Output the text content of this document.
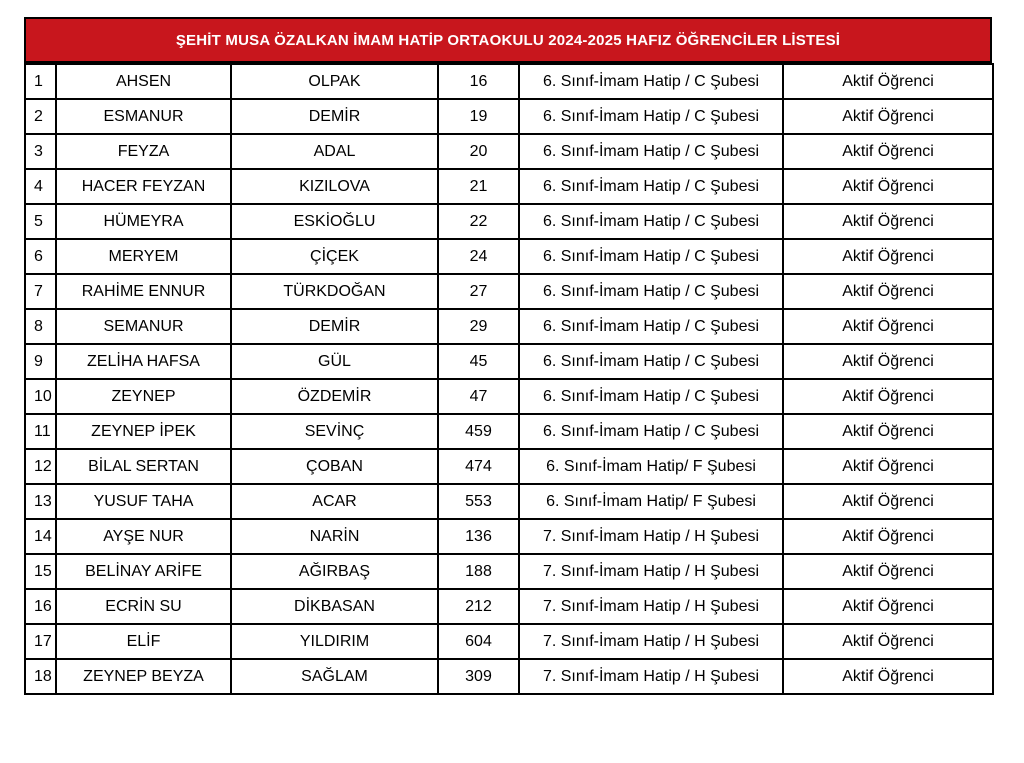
ŞEHİT MUSA ÖZALKAN İMAM HATİP ORTAOKULU 2024-2025 HAFIZ ÖĞRENCİLER LİSTESİ
1	AHSEN	OLPAK	16	6. Sınıf-İmam Hatip / C Şubesi	Aktif Öğrenci
2	ESMANUR	DEMİR	19	6. Sınıf-İmam Hatip / C Şubesi	Aktif Öğrenci
3	FEYZA	ADAL	20	6. Sınıf-İmam Hatip / C Şubesi	Aktif Öğrenci
4	HACER FEYZAN	KIZILOVA	21	6. Sınıf-İmam Hatip / C Şubesi	Aktif Öğrenci
5	HÜMEYRA	ESKİOĞLU	22	6. Sınıf-İmam Hatip / C Şubesi	Aktif Öğrenci
6	MERYEM	ÇİÇEK	24	6. Sınıf-İmam Hatip / C Şubesi	Aktif Öğrenci
7	RAHİME ENNUR	TÜRKDOĞAN	27	6. Sınıf-İmam Hatip / C Şubesi	Aktif Öğrenci
8	SEMANUR	DEMİR	29	6. Sınıf-İmam Hatip / C Şubesi	Aktif Öğrenci
9	ZELİHA HAFSA	GÜL	45	6. Sınıf-İmam Hatip / C Şubesi	Aktif Öğrenci
10	ZEYNEP	ÖZDEMİR	47	6. Sınıf-İmam Hatip / C Şubesi	Aktif Öğrenci
11	ZEYNEP İPEK	SEVİNÇ	459	6. Sınıf-İmam Hatip / C Şubesi	Aktif Öğrenci
12	BİLAL SERTAN	ÇOBAN	474	6. Sınıf-İmam Hatip/ F Şubesi	Aktif Öğrenci
13	YUSUF TAHA	ACAR	553	6. Sınıf-İmam Hatip/ F Şubesi	Aktif Öğrenci
14	AYŞE NUR	NARİN	136	7. Sınıf-İmam Hatip / H Şubesi	Aktif Öğrenci
15	BELİNAY ARİFE	AĞIRBAŞ	188	7. Sınıf-İmam Hatip / H Şubesi	Aktif Öğrenci
16	ECRİN SU	DİKBASAN	212	7. Sınıf-İmam Hatip / H Şubesi	Aktif Öğrenci
17	ELİF	YILDIRIM	604	7. Sınıf-İmam Hatip / H Şubesi	Aktif Öğrenci
18	ZEYNEP BEYZA	SAĞLAM	309	7. Sınıf-İmam Hatip / H Şubesi	Aktif Öğrenci
